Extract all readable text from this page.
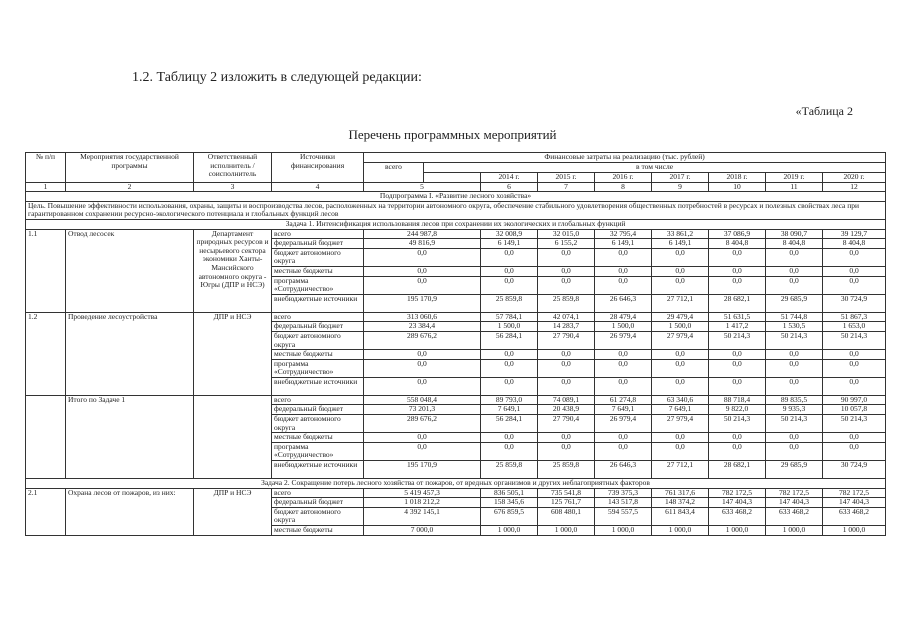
1.2. Таблицу 2 изложить в следующей редакции:
«Таблица 2
Перечень программных мероприятий
№ п/п	Мероприятия государственной программы	Ответственный исполнитель / соисполнитель	Источники финансирования	Финансовые затраты на реализацию (тыс. рублей)								
				всего	в том числе							
						2014 г.	2015 г.	2016 г.	2017 г.	2018 г.	2019 г.	2020 г.
1	2	3	4	5		6	7	8	9	10	11	12
Подпрограмма I. «Развитие лесного хозяйства»												
Цель. Повышение эффективности использования, охраны, защиты и воспроизводства лесов, расположенных на территории автономного округа, обеспечение стабильного удовлетворения общественных потребностей в ресурсах и полезных свойствах леса при гарантированном сохранении ресурсно-экологического потенциала и глобальных функций лесов												
Задача 1. Интенсификация использования лесов при сохранении их экологических и глобальных функций												
1.1	Отвод лесосек	Департамент природных ресурсов и несырьевого сектора экономики Ханты-Мансийского автономного округа - Югры (ДПР и НСЭ)	всего	244 987,8		32 008,9	32 015,0	32 795,4	33 861,2	37 086,9	38 090,7	39 129,7
			федеральный бюджет	49 816,9		6 149,1	6 155,2	6 149,1	6 149,1	8 404,8	8 404,8	8 404,8
			бюджет автономного округа	0,0		0,0	0,0	0,0	0,0	0,0	0,0	0,0
			местные бюджеты	0,0		0,0	0,0	0,0	0,0	0,0	0,0	0,0
			программа «Сотрудничество»	0,0		0,0	0,0	0,0	0,0	0,0	0,0	0,0
			внебюджетные источники	195 170,9		25 859,8	25 859,8	26 646,3	27 712,1	28 682,1	29 685,9	30 724,9
1.2	Проведение лесоустройства	ДПР и НСЭ	всего	313 060,6		57 784,1	42 074,1	28 479,4	29 479,4	51 631,5	51 744,8	51 867,3
			федеральный бюджет	23 384,4		1 500,0	14 283,7	1 500,0	1 500,0	1 417,2	1 530,5	1 653,0
			бюджет автономного округа	289 676,2		56 284,1	27 790,4	26 979,4	27 979,4	50 214,3	50 214,3	50 214,3
			местные бюджеты	0,0		0,0	0,0	0,0	0,0	0,0	0,0	0,0
			программа «Сотрудничество»	0,0		0,0	0,0	0,0	0,0	0,0	0,0	0,0
			внебюджетные источники	0,0		0,0	0,0	0,0	0,0	0,0	0,0	0,0
	Итого по Задаче 1		всего	558 048,4		89 793,0	74 089,1	61 274,8	63 340,6	88 718,4	89 835,5	90 997,0
			федеральный бюджет	73 201,3		7 649,1	20 438,9	7 649,1	7 649,1	9 822,0	9 935,3	10 057,8
			бюджет автономного округа	289 676,2		56 284,1	27 790,4	26 979,4	27 979,4	50 214,3	50 214,3	50 214,3
			местные бюджеты	0,0		0,0	0,0	0,0	0,0	0,0	0,0	0,0
			программа «Сотрудничество»	0,0		0,0	0,0	0,0	0,0	0,0	0,0	0,0
			внебюджетные источники	195 170,9		25 859,8	25 859,8	26 646,3	27 712,1	28 682,1	29 685,9	30 724,9
Задача 2. Сокращение потерь лесного хозяйства от пожаров, от вредных организмов и других неблагоприятных факторов												
2.1	Охрана лесов от пожаров, из них:	ДПР и НСЭ	всего	5 419 457,3		836 505,1	735 541,8	739 375,3	761 317,6	782 172,5	782 172,5	782 172,5
			федеральный бюджет	1 018 212,2		158 345,6	125 761,7	143 517,8	148 374,2	147 404,3	147 404,3	147 404,3
			бюджет автономного округа	4 392 145,1		676 859,5	608 480,1	594 557,5	611 843,4	633 468,2	633 468,2	633 468,2
			местные бюджеты	7 000,0		1 000,0	1 000,0	1 000,0	1 000,0	1 000,0	1 000,0	1 000,0
